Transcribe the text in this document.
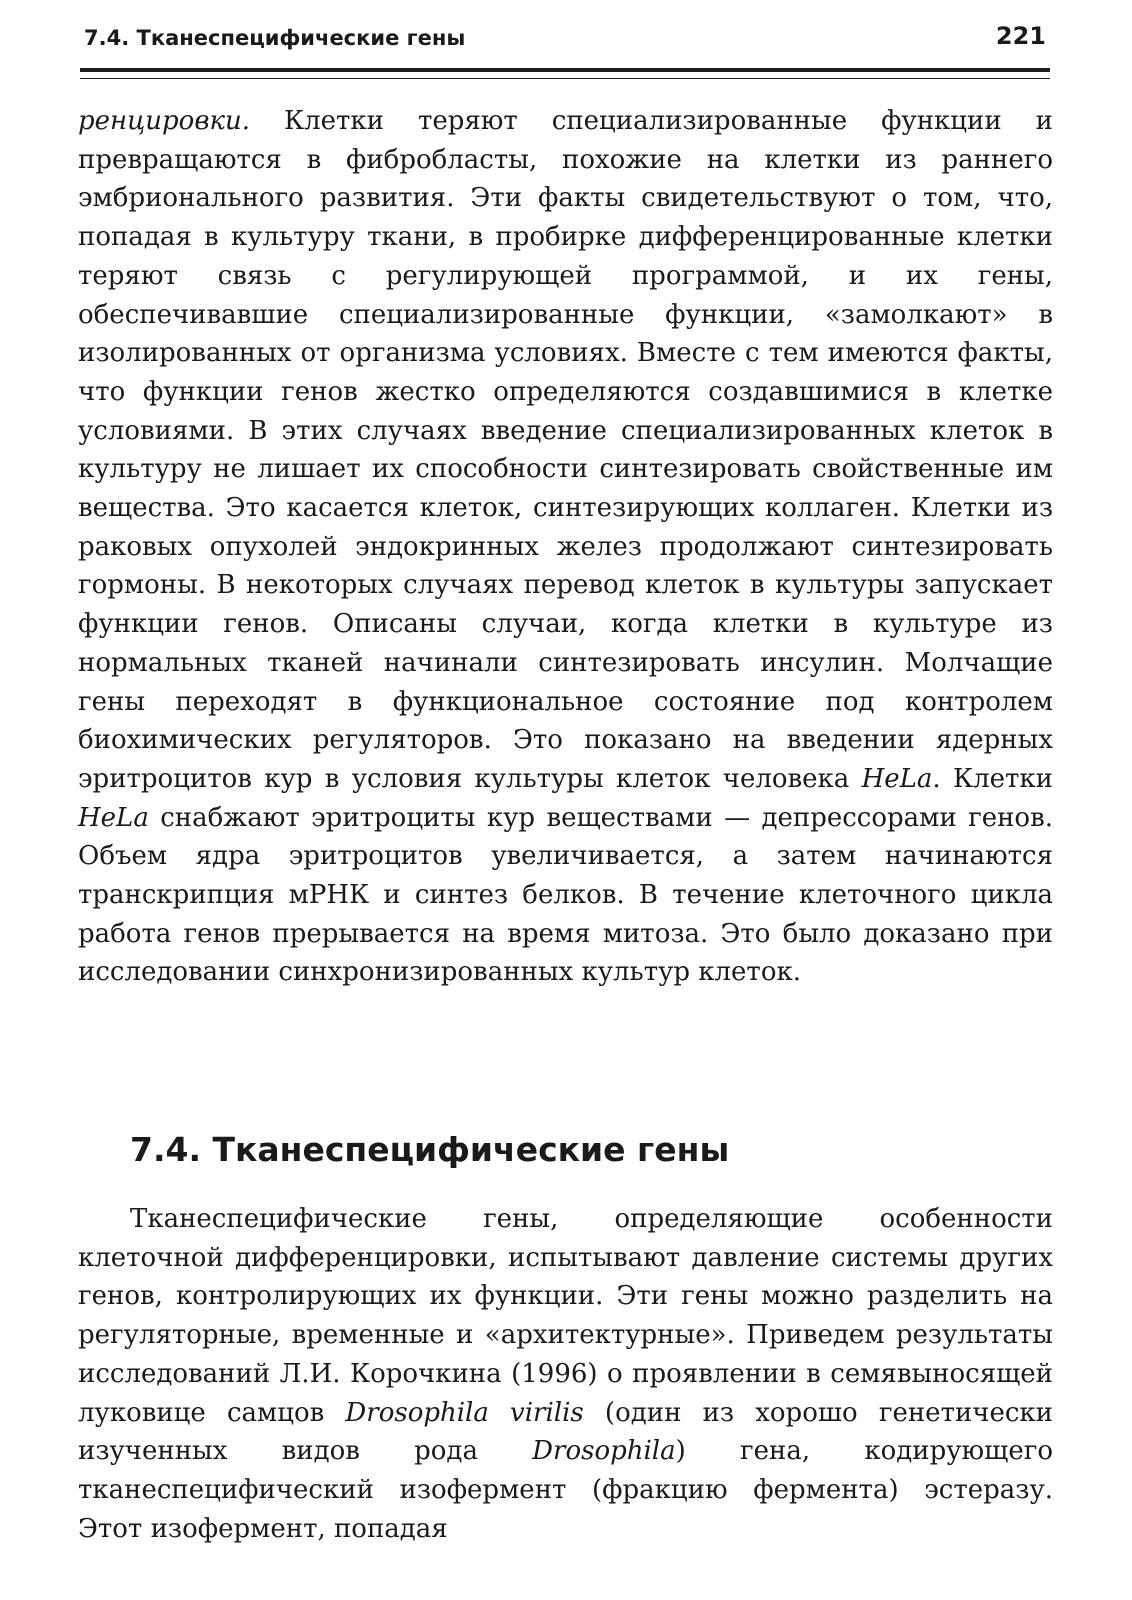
7.4. Тканеспецифические гены	221

ренцировки. Клетки теряют специализированные функции и превращаются в фибробласты, похожие на клетки из раннего эмбрионального развития. Эти факты свидетельствуют о том, что, попадая в культуру ткани, в пробирке дифференцированные клетки теряют связь с регулирующей программой, и их гены, обеспечивавшие специализированные функции, «замолкают» в изолированных от организма условиях. Вместе с тем имеются факты, что функции генов жестко определяются создавшимися в клетке условиями. В этих случаях введение специализированных клеток в культуру не лишает их способности синтезировать свойственные им вещества. Это касается клеток, синтезирующих коллаген. Клетки из раковых опухолей эндокринных желез продолжают синтезировать гормоны. В некоторых случаях перевод клеток в культуры запускает функции генов. Описаны случаи, когда клетки в культуре из нормальных тканей начинали синтезировать инсулин. Молчащие гены переходят в функциональное состояние под контролем биохимических регуляторов. Это показано на введении ядерных эритроцитов кур в условия культуры клеток человека HeLa. Клетки HeLa снабжают эритроциты кур веществами — депрессорами генов. Объем ядра эритроцитов увеличивается, а затем начинаются транскрипция мРНК и синтез белков. В течение клеточного цикла работа генов прерывается на время митоза. Это было доказано при исследовании синхронизированных культур клеток.

7.4. Тканеспецифические гены

Тканеспецифические гены, определяющие особенности клеточной дифференцировки, испытывают давление системы других генов, контролирующих их функции. Эти гены можно разделить на регуляторные, временные и «архитектурные». Приведем результаты исследований Л.И. Корочкина (1996) о проявлении в семявыносящей луковице самцов Drosophila virilis (один из хорошо генетически изученных видов рода Drosophila) гена, кодирующего тканеспецифический изофермент (фракцию фермента) эстеразу. Этот изофермент, попадая
